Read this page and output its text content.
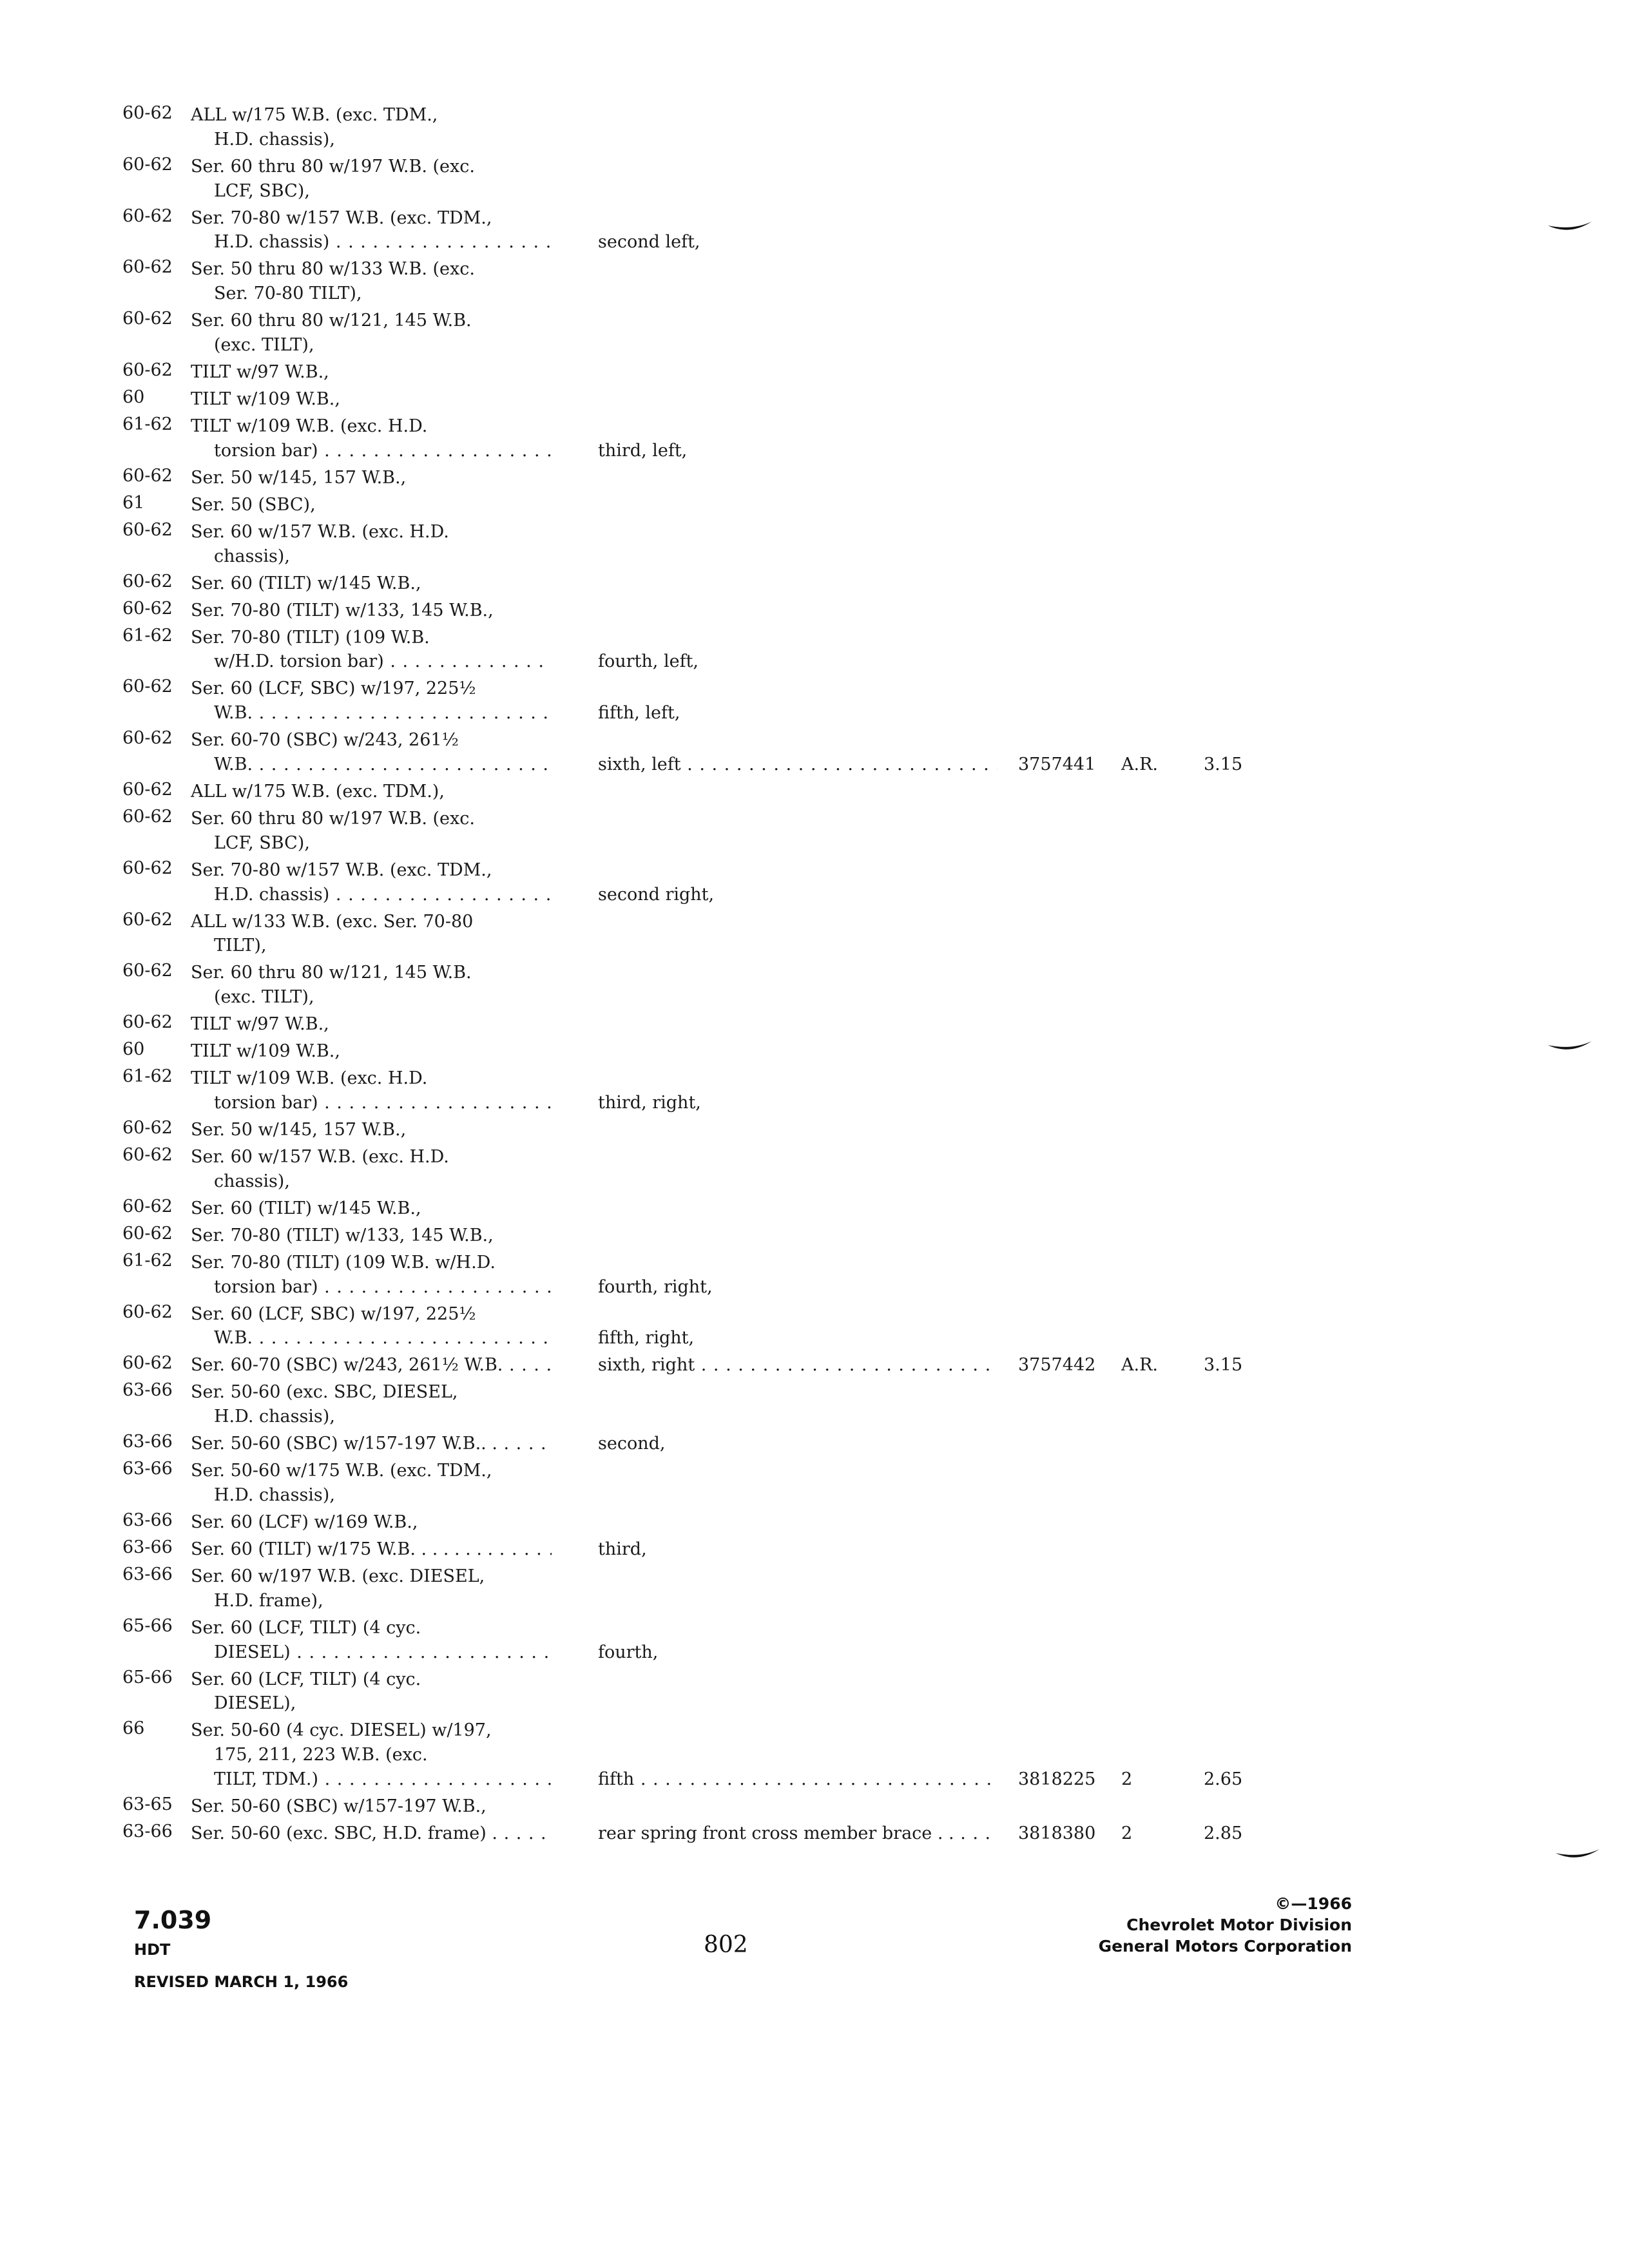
60-62 ALL w/175 W.B. (exc. TDM.,
H.D. chassis),
60-62 Ser. 60 thru 80 w/197 W.B. (exc.
LCF, SBC),
60-62 Ser. 70-80 w/157 W.B. (exc. TDM.,
H.D. chassis) . . .	second left,
60-62 Ser. 50 thru 80 w/133 W.B. (exc.
Ser. 70-80 TILT),
60-62 Ser. 60 thru 80 w/121, 145 W.B.
(exc. TILT),
60-62 TILT w/97 W.B.,
60	TILT w/109 W.B.,
61-62 TILT w/109 W.B. (exc. H.D.
torsion bar) . . .	third, left,
60-62 Ser. 50 w/145, 157 W.B.,
61	Ser. 50 (SBC),
60-62 Ser. 60 w/157 W.B. (exc. H.D.
chassis),
60-62 Ser. 60 (TILT) w/145 W.B.,
60-62 Ser. 70-80 (TILT) w/133, 145 W.B.,
61-62 Ser. 70-80 (TILT) (109 W.B.
w/H.D. torsion bar) . . .	fourth, left,
60-62 Ser. 60 (LCF, SBC) w/197, 225½
W.B. . . .	fifth, left,
60-62 Ser. 60-70 (SBC) w/243, 261½
W.B. . . .	sixth, left . . .	3757441	A.R.	3.15
60-62 ALL w/175 W.B. (exc. TDM.),
60-62 Ser. 60 thru 80 w/197 W.B. (exc.
LCF, SBC),
60-62 Ser. 70-80 w/157 W.B. (exc. TDM.,
H.D. chassis) . . .	second right,
60-62 ALL w/133 W.B. (exc. Ser. 70-80
TILT),
60-62 Ser. 60 thru 80 w/121, 145 W.B.
(exc. TILT),
60-62 TILT w/97 W.B.,
60	TILT w/109 W.B.,
61-62 TILT w/109 W.B. (exc. H.D.
torsion bar) . . .	third, right,
60-62 Ser. 50 w/145, 157 W.B.,
60-62 Ser. 60 w/157 W.B. (exc. H.D.
chassis),
60-62 Ser. 60 (TILT) w/145 W.B.,
60-62 Ser. 70-80 (TILT) w/133, 145 W.B.,
61-62 Ser. 70-80 (TILT) (109 W.B. w/H.D.
torsion bar) . . .	fourth, right,
60-62 Ser. 60 (LCF, SBC) w/197, 225½
W.B. . . .	fifth, right,
60-62 Ser. 60-70 (SBC) w/243, 261½ W.B. . . .	sixth, right . . .	3757442	A.R.	3.15
63-66 Ser. 50-60 (exc. SBC, DIESEL,
H.D. chassis),
63-66 Ser. 50-60 (SBC) w/157-197 W.B.. . . . .	second,
63-66 Ser. 50-60 w/175 W.B. (exc. TDM.,
H.D. chassis),
63-66 Ser. 60 (LCF) w/169 W.B.,
63-66 Ser. 60 (TILT) w/175 W.B. . . . . . . . . . .	third,
63-66 Ser. 60 w/197 W.B. (exc. DIESEL,
H.D. frame),
65-66 Ser. 60 (LCF, TILT) (4 cyc.
DIESEL) . . .	fourth,
65-66 Ser. 60 (LCF, TILT) (4 cyc.
DIESEL),
66	Ser. 50-60 (4 cyc. DIESEL) w/197,
175, 211, 223 W.B. (exc.
TILT, TDM.) . . .	fifth . . .	3818225	2	2.65
63-65 Ser. 50-60 (SBC) w/157-197 W.B.,
63-66 Ser. 50-60 (exc. SBC, H.D. frame) . . . .	rear spring front cross member brace . . . . .	3818380	2	2.85
7.039
HDT
REVISED MARCH 1, 1966
802
©—1966
Chevrolet Motor Division
General Motors Corporation
